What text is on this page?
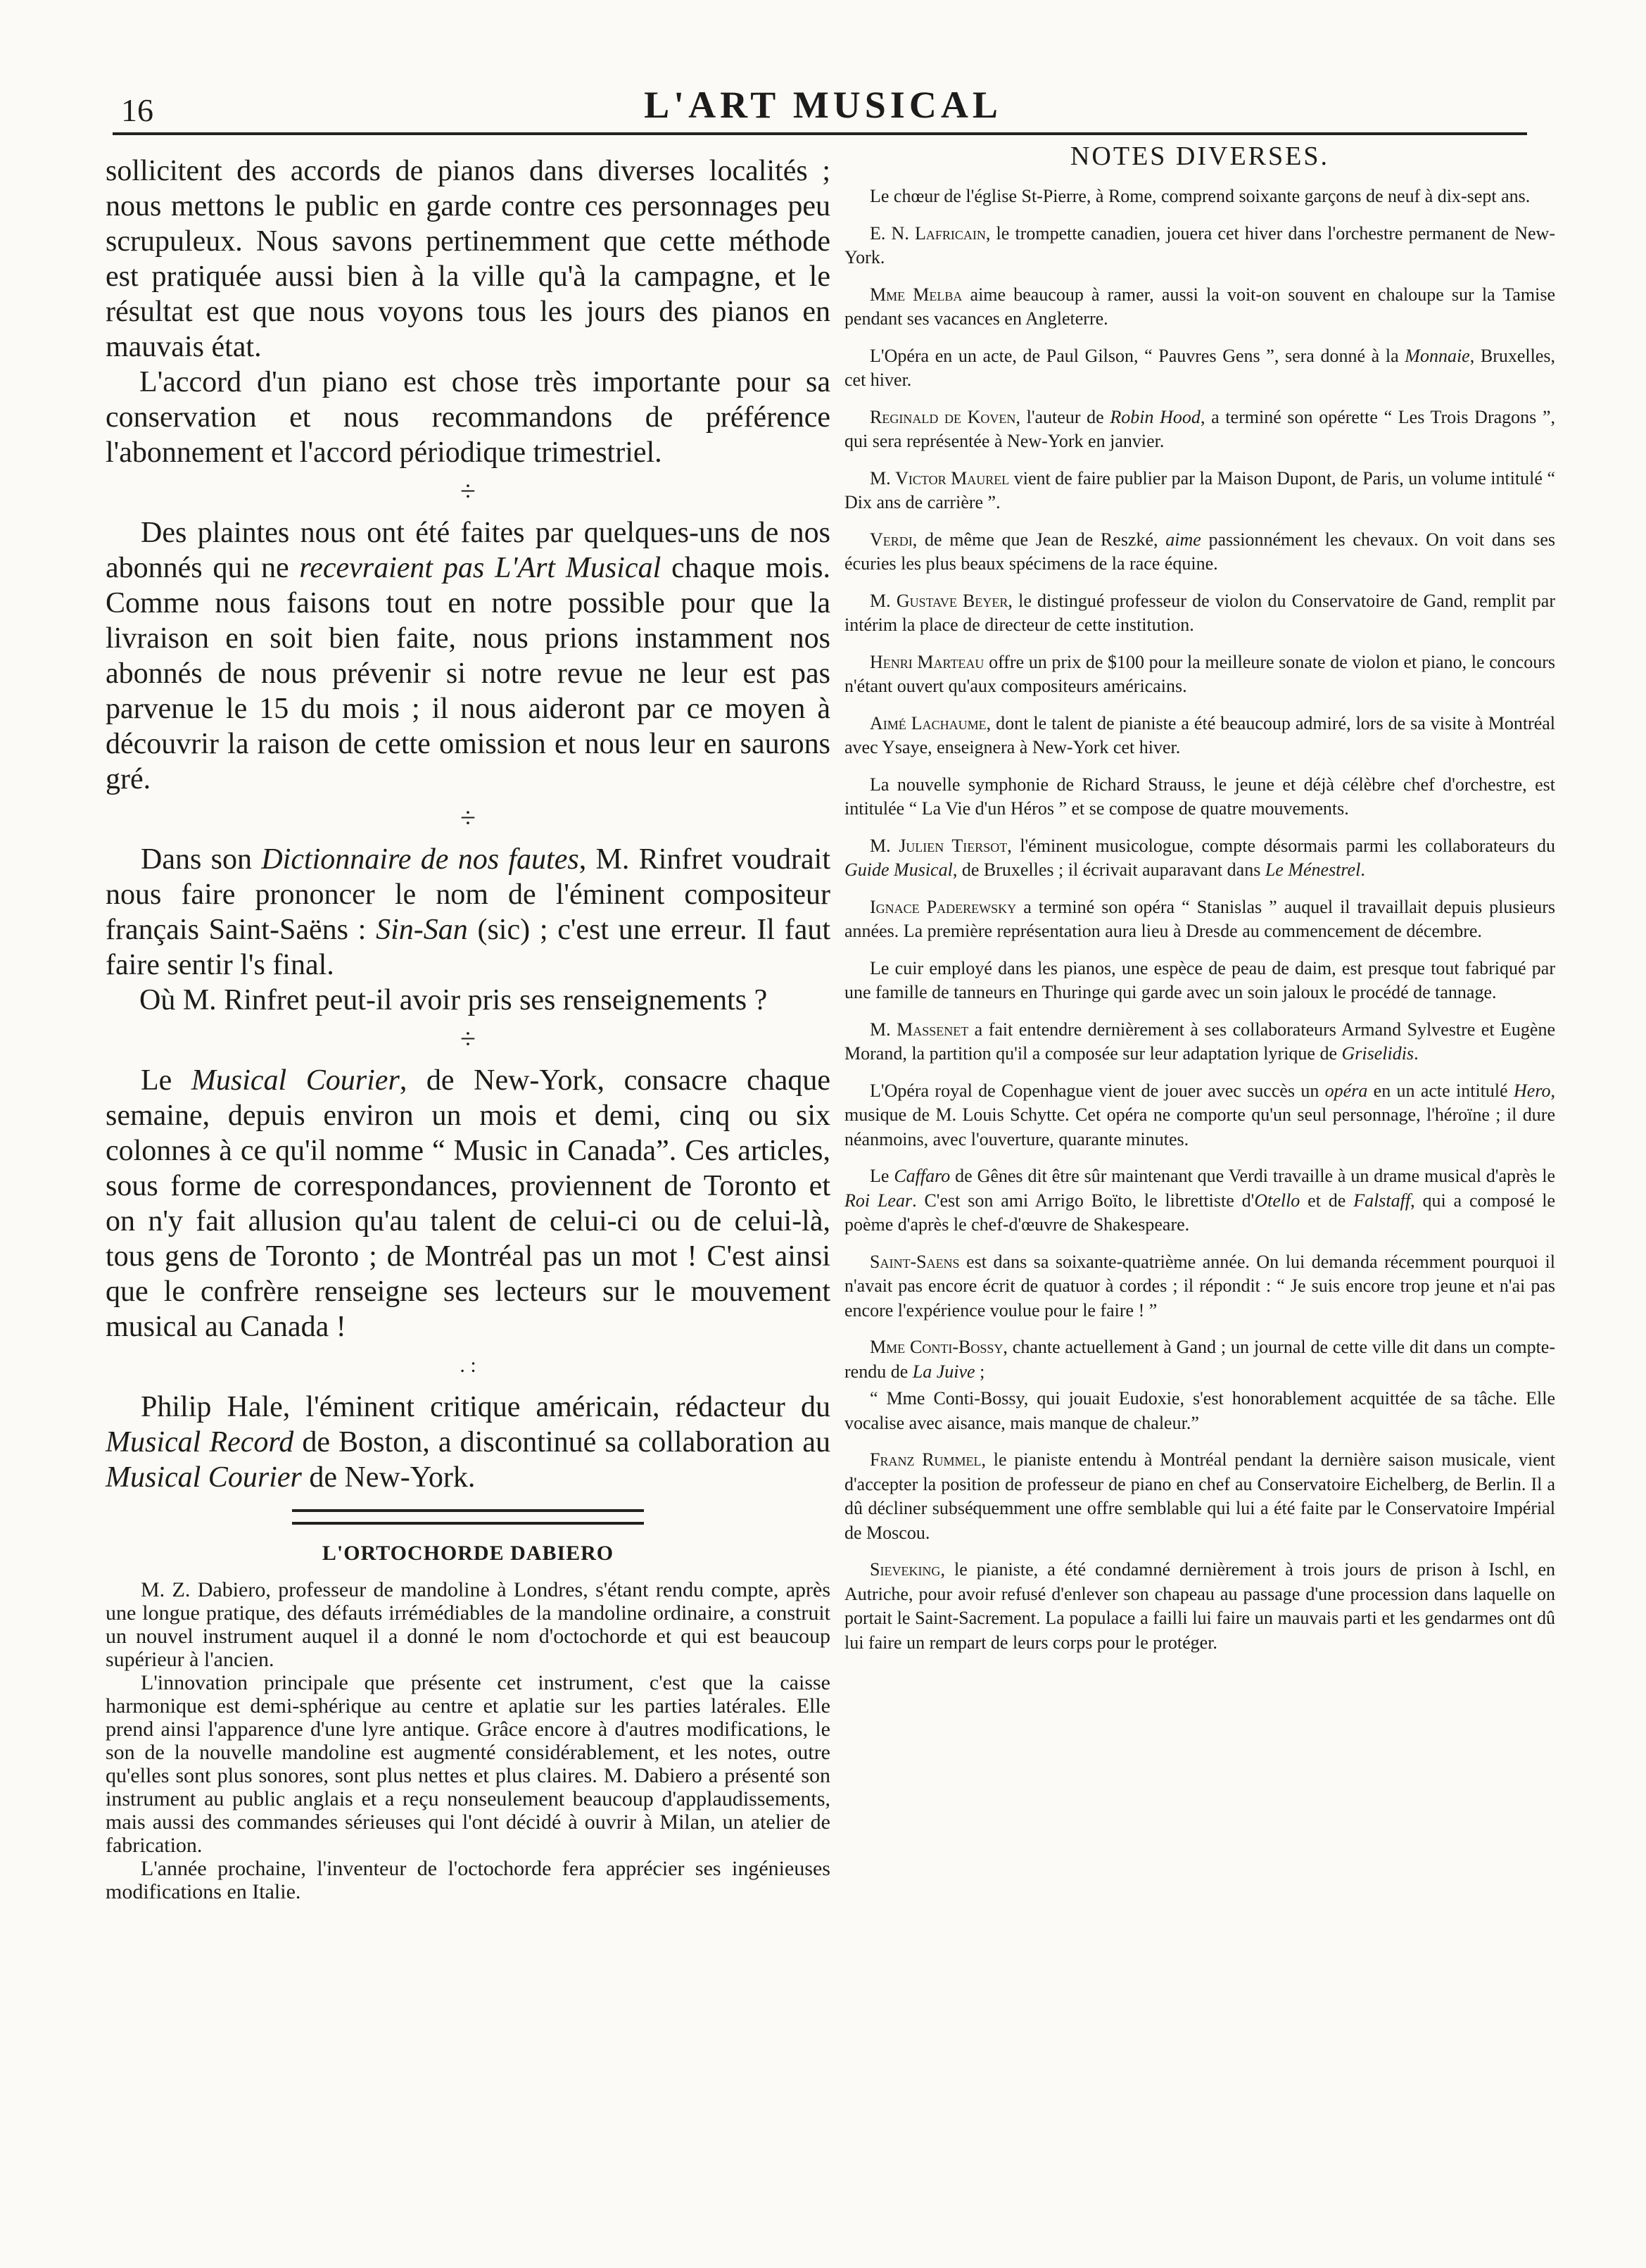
16	L'ART MUSICAL

sollicitent des accords de pianos dans diverses localités ; nous mettons le public en garde contre ces personnages peu scrupuleux. Nous savons pertinemment que cette méthode est pratiquée aussi bien à la ville qu'à la campagne, et le résultat est que nous voyons tous les jours des pianos en mauvais état.

L'accord d'un piano est chose très importante pour sa conservation et nous recommandons de préférence l'abonnement et l'accord périodique trimestriel.

÷

Des plaintes nous ont été faites par quelques-uns de nos abonnés qui ne recevraient pas L'Art Musical chaque mois. Comme nous faisons tout en notre possible pour que la livraison en soit bien faite, nous prions instamment nos abonnés de nous prévenir si notre revue ne leur est pas parvenue le 15 du mois ; il nous aideront par ce moyen à découvrir la raison de cette omission et nous leur en saurons gré.

÷

Dans son Dictionnaire de nos fautes, M. Rinfret voudrait nous faire prononcer le nom de l'éminent compositeur français Saint-Saëns : Sin-San (sic) ; c'est une erreur. Il faut faire sentir l's final.

Où M. Rinfret peut-il avoir pris ses renseignements ?

÷

Le Musical Courier, de New-York, consacre chaque semaine, depuis environ un mois et demi, cinq ou six colonnes à ce qu'il nomme “ Music in Canada”. Ces articles, sous forme de correspondances, proviennent de Toronto et on n'y fait allusion qu'au talent de celui-ci ou de celui-là, tous gens de Toronto ; de Montréal pas un mot ! C'est ainsi que le confrère renseigne ses lecteurs sur le mouvement musical au Canada !

. :

Philip Hale, l'éminent critique américain, rédacteur du Musical Record de Boston, a discontinué sa collaboration au Musical Courier de New-York.

L'ORTOCHORDE DABIERO

M. Z. Dabiero, professeur de mandoline à Londres, s'étant rendu compte, après une longue pratique, des défauts irrémédiables de la mandoline ordinaire, a construit un nouvel instrument auquel il a donné le nom d'octochorde et qui est beaucoup supérieur à l'ancien.

L'innovation principale que présente cet instrument, c'est que la caisse harmonique est demi-sphérique au centre et aplatie sur les parties latérales. Elle prend ainsi l'apparence d'une lyre antique. Grâce encore à d'autres modifications, le son de la nouvelle mandoline est augmenté considérablement, et les notes, outre qu'elles sont plus sonores, sont plus nettes et plus claires. M. Dabiero a présenté son instrument au public anglais et a reçu nonseulement beaucoup d'applaudissements, mais aussi des commandes sérieuses qui l'ont décidé à ouvrir à Milan, un atelier de fabrication.

L'année prochaine, l'inventeur de l'octochorde fera apprécier ses ingénieuses modifications en Italie.

NOTES DIVERSES.

Le chœur de l'église St-Pierre, à Rome, comprend soixante garçons de neuf à dix-sept ans.

E. N. Lafricain, le trompette canadien, jouera cet hiver dans l'orchestre permanent de New-York.

Mme Melba aime beaucoup à ramer, aussi la voit-on souvent en chaloupe sur la Tamise pendant ses vacances en Angleterre.

L'Opéra en un acte, de Paul Gilson, “ Pauvres Gens ”, sera donné à la Monnaie, Bruxelles, cet hiver.

Reginald de Koven, l'auteur de Robin Hood, a terminé son opérette “ Les Trois Dragons ”, qui sera représentée à New-York en janvier.

M. Victor Maurel vient de faire publier par la Maison Dupont, de Paris, un volume intitulé “ Dix ans de carrière ”.

Verdi, de même que Jean de Reszké, aime passionnément les chevaux. On voit dans ses écuries les plus beaux spécimens de la race équine.

M. Gustave Beyer, le distingué professeur de violon du Conservatoire de Gand, remplit par intérim la place de directeur de cette institution.

Henri Marteau offre un prix de $100 pour la meilleure sonate de violon et piano, le concours n'étant ouvert qu'aux compositeurs américains.

Aimé Lachaume, dont le talent de pianiste a été beaucoup admiré, lors de sa visite à Montréal avec Ysaye, enseignera à New-York cet hiver.

La nouvelle symphonie de Richard Strauss, le jeune et déjà célèbre chef d'orchestre, est intitulée “ La Vie d'un Héros ” et se compose de quatre mouvements.

M. Julien Tiersot, l'éminent musicologue, compte désormais parmi les collaborateurs du Guide Musical, de Bruxelles ; il écrivait auparavant dans Le Ménestrel.

Ignace Paderewsky a terminé son opéra “ Stanislas ” auquel il travaillait depuis plusieurs années. La première représentation aura lieu à Dresde au commencement de décembre.

Le cuir employé dans les pianos, une espèce de peau de daim, est presque tout fabriqué par une famille de tanneurs en Thuringe qui garde avec un soin jaloux le procédé de tannage.

M. Massenet a fait entendre dernièrement à ses collaborateurs Armand Sylvestre et Eugène Morand, la partition qu'il a composée sur leur adaptation lyrique de Griselidis.

L'Opéra royal de Copenhague vient de jouer avec succès un opéra en un acte intitulé Hero, musique de M. Louis Schytte. Cet opéra ne comporte qu'un seul personnage, l'héroïne ; il dure néanmoins, avec l'ouverture, quarante minutes.

Le Caffaro de Gênes dit être sûr maintenant que Verdi travaille à un drame musical d'après le Roi Lear. C'est son ami Arrigo Boïto, le librettiste d'Otello et de Falstaff, qui a composé le poème d'après le chef-d'œuvre de Shakespeare.

Saint-Saens est dans sa soixante-quatrième année. On lui demanda récemment pourquoi il n'avait pas encore écrit de quatuor à cordes ; il répondit : “ Je suis encore trop jeune et n'ai pas encore l'expérience voulue pour le faire ! ”

Mme Conti-Bossy, chante actuellement à Gand ; un journal de cette ville dit dans un compte-rendu de La Juive ;

“ Mme Conti-Bossy, qui jouait Eudoxie, s'est honorablement acquittée de sa tâche. Elle vocalise avec aisance, mais manque de chaleur.”

Franz Rummel, le pianiste entendu à Montréal pendant la dernière saison musicale, vient d'accepter la position de professeur de piano en chef au Conservatoire Eichelberg, de Berlin. Il a dû décliner subséquemment une offre semblable qui lui a été faite par le Conservatoire Impérial de Moscou.

Sieveking, le pianiste, a été condamné dernièrement à trois jours de prison à Ischl, en Autriche, pour avoir refusé d'enlever son chapeau au passage d'une procession dans laquelle on portait le Saint-Sacrement. La populace a failli lui faire un mauvais parti et les gendarmes ont dû lui faire un rempart de leurs corps pour le protéger.
